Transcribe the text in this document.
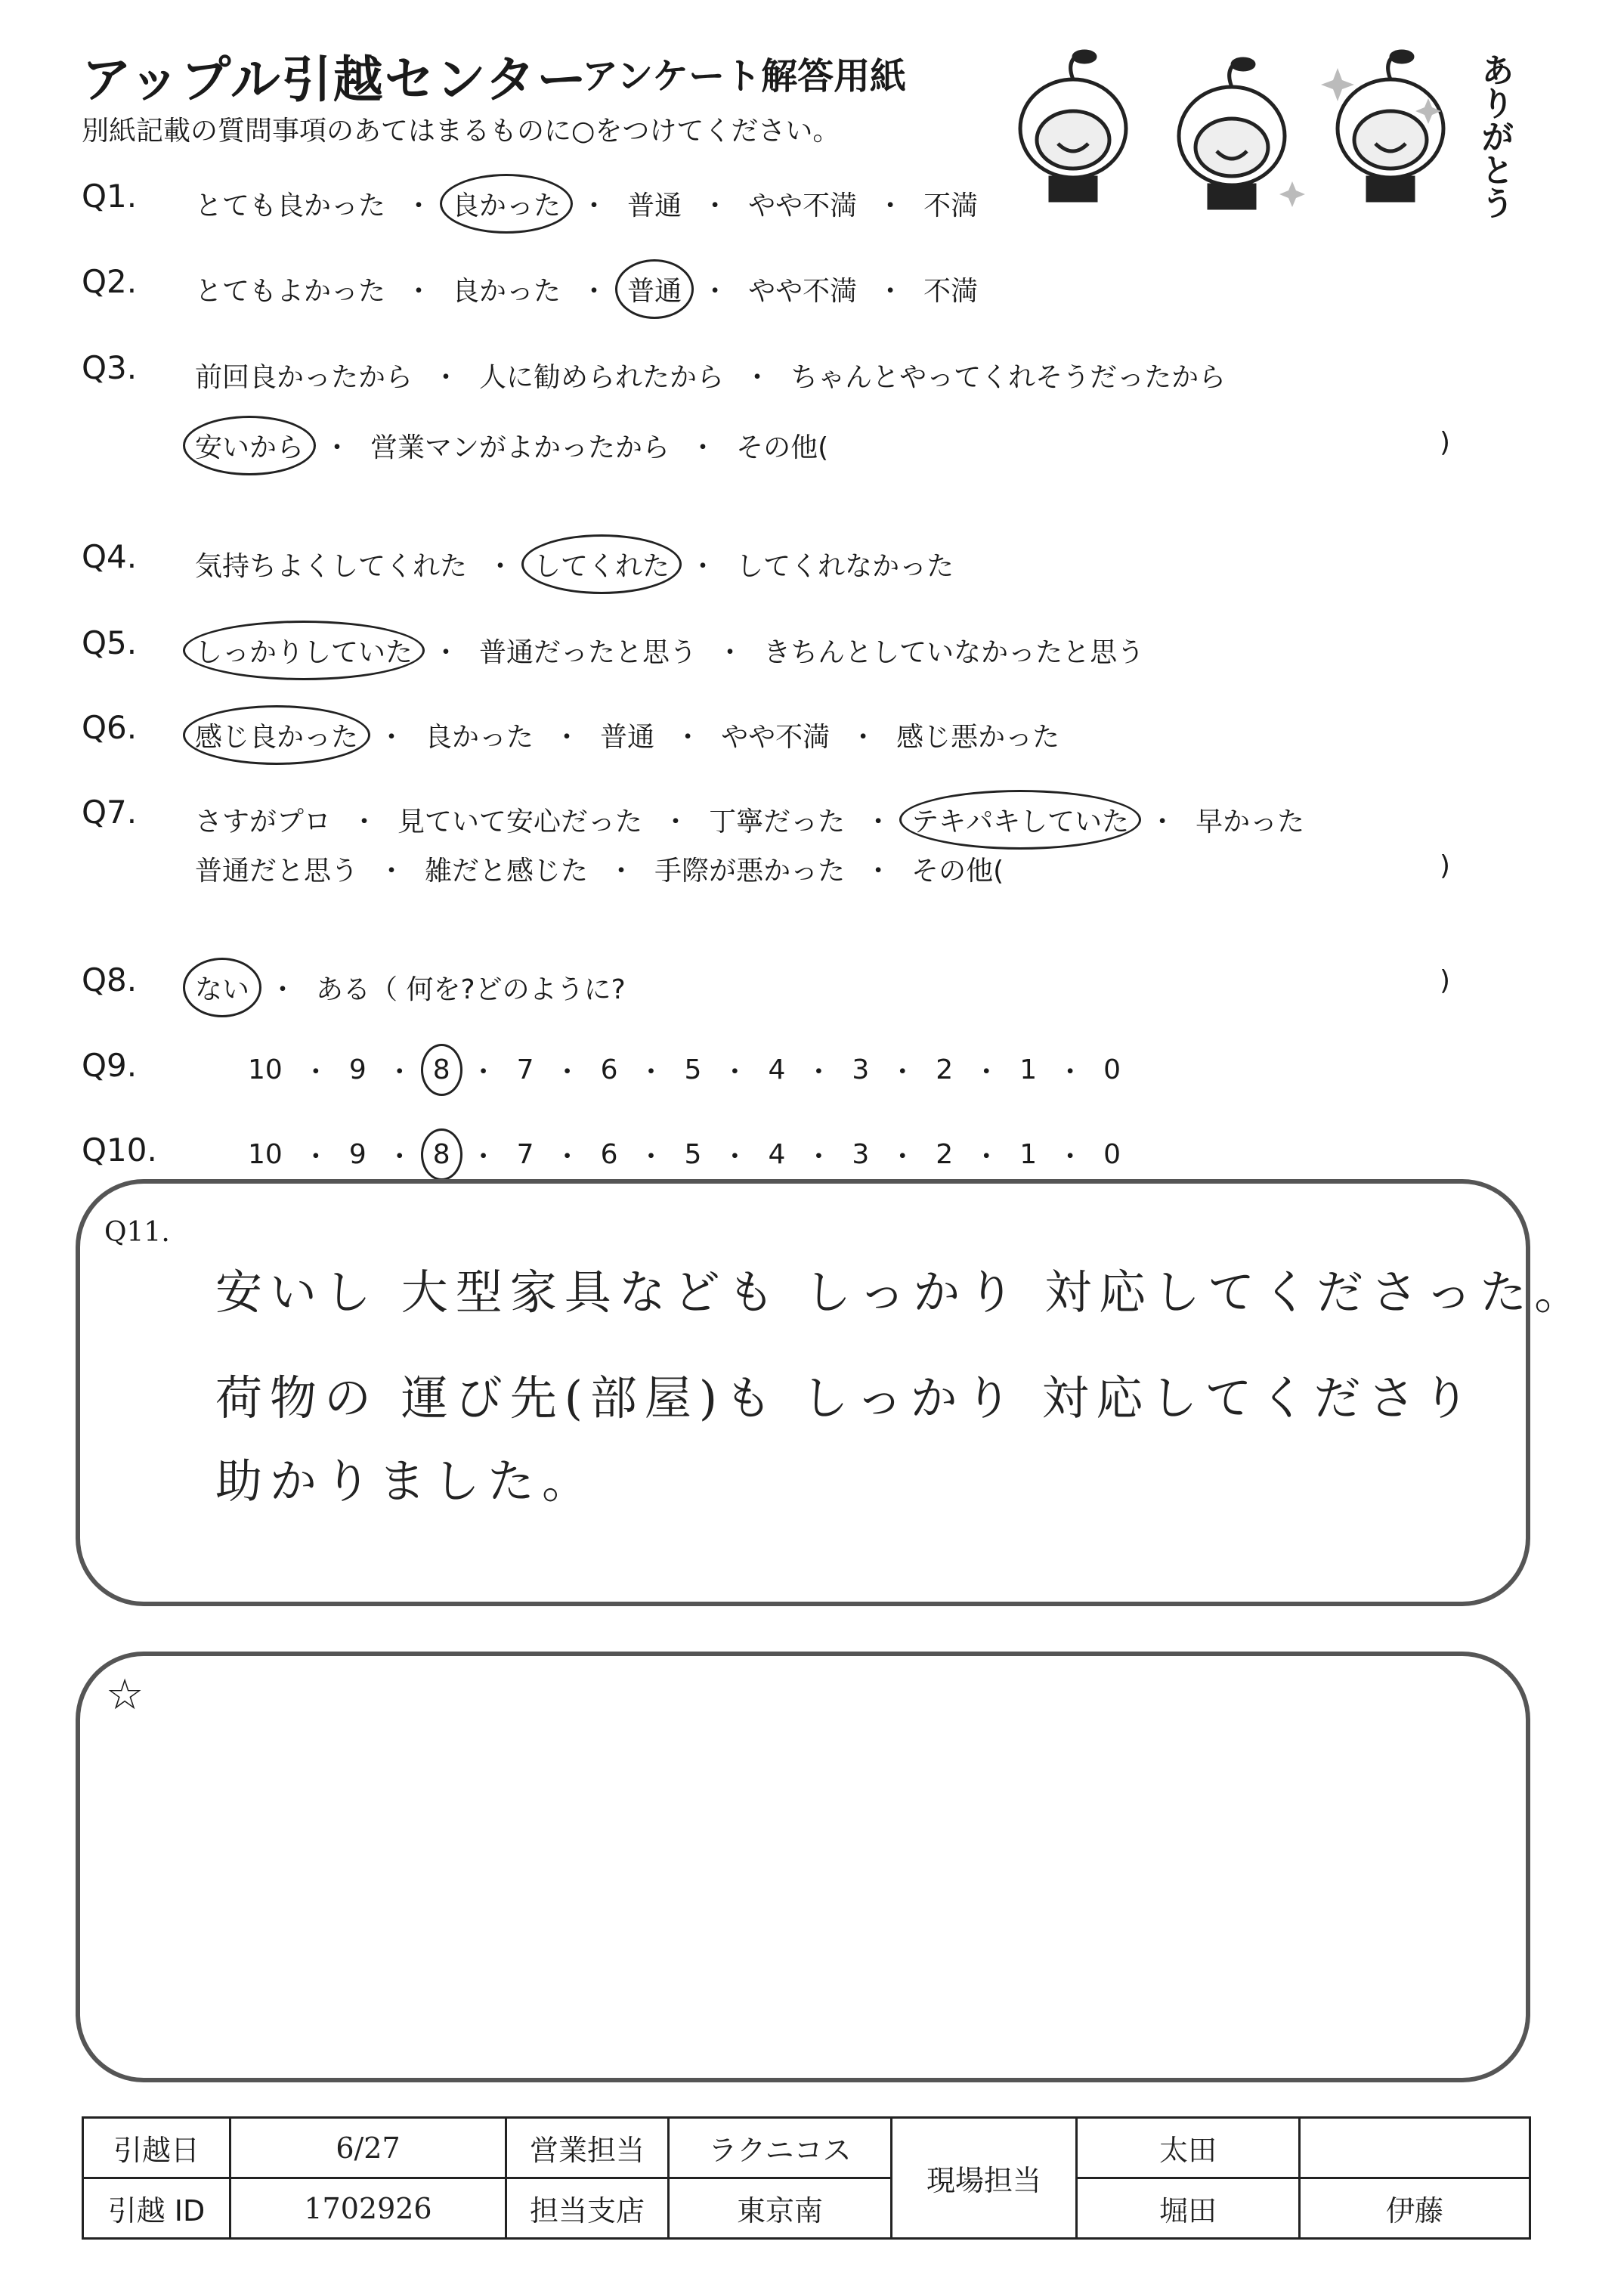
アップル引越センター
アンケート解答用紙
別紙記載の質問事項のあてはまるものに○をつけてください。	ありがとう
Q1. とても良かった ・ 良かった ・ 普通 ・ やや不満 ・ 不満
Q2. とてもよかった ・ 良かった ・ 普通 ・ やや不満 ・ 不満
Q3. 前回良かったから ・ 人に勧められたから ・ ちゃんとやってくれそうだったから
安いから ・ 営業マンがよかったから ・ その他(	)
Q4. 気持ちよくしてくれた ・ してくれた ・ してくれなかった
Q5. しっかりしていた ・ 普通だったと思う ・ きちんとしていなかったと思う
Q6. 感じ良かった ・ 良かった ・ 普通 ・ やや不満 ・ 感じ悪かった
Q7. さすがプロ ・ 見ていて安心だった ・ 丁寧だった ・ テキパキしていた ・ 早かった
普通だと思う ・ 雑だと感じた ・ 手際が悪かった ・ その他(	)
Q8. ない ・ ある（ 何を?どのように?	)
Q9.	10 ・ 9 ・ 8 ・ 7 ・ 6 ・ 5 ・ 4 ・ 3 ・ 2 ・ 1 ・ 0
Q10.	10 ・ 9 ・ 8 ・ 7 ・ 6 ・ 5 ・ 4 ・ 3 ・ 2 ・ 1 ・ 0
Q11.
安いし 大型家具なども しっかり 対応してくださった。
荷物の 運び先(部屋)も しっかり 対応してくださり
助かりました。
☆
引越日	6/27	営業担当	ラクニコス	現場担当	太田	
引越 ID	1702926	担当支店	東京南		堀田	伊藤
